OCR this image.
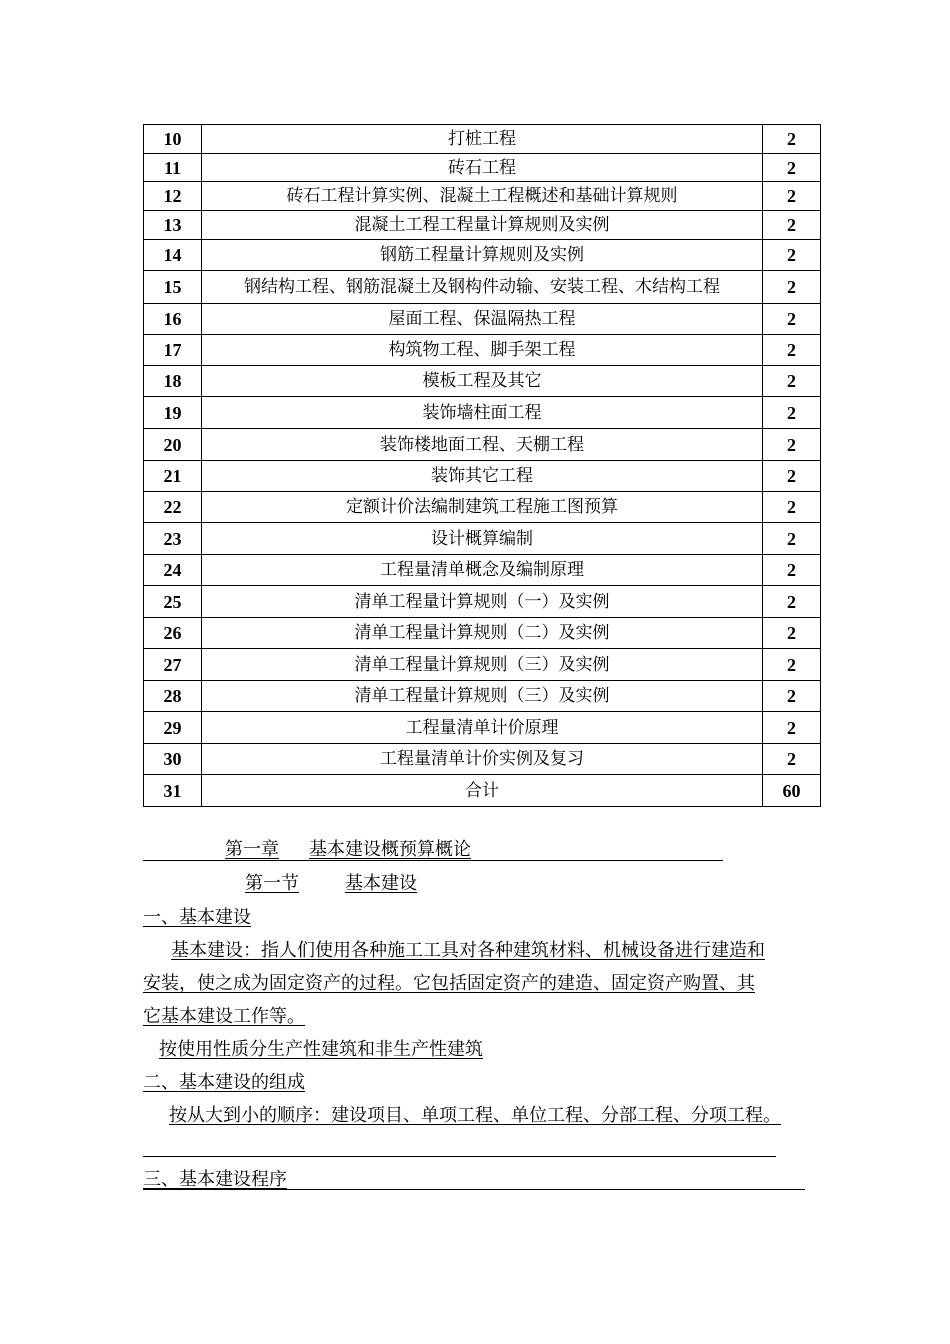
10	打桩工程	2
11	砖石工程	2
12	砖石工程计算实例、混凝土工程概述和基础计算规则	2
13	混凝土工程工程量计算规则及实例	2
14	钢筋工程量计算规则及实例	2
15	钢结构工程、钢筋混凝土及钢构件动输、安装工程、木结构工程	2
16	屋面工程、保温隔热工程	2
17	构筑物工程、脚手架工程	2
18	模板工程及其它	2
19	装饰墙柱面工程	2
20	装饰楼地面工程、天棚工程	2
21	装饰其它工程	2
22	定额计价法编制建筑工程施工图预算	2
23	设计概算编制	2
24	工程量清单概念及编制原理	2
25	清单工程量计算规则（一）及实例	2
26	清单工程量计算规则（二）及实例	2
27	清单工程量计算规则（三）及实例	2
28	清单工程量计算规则（三）及实例	2
29	工程量清单计价原理	2
30	工程量清单计价实例及复习	2
31	合计	60
第一章 基本建设概预算概论
第一节	基本建设
一、基本建设
基本建设：指人们使用各种施工工具对各种建筑材料、机械设备进行建造和
安装，使之成为固定资产的过程。它包括固定资产的建造、固定资产购置、其
它基本建设工作等。
按使用性质分生产性建筑和非生产性建筑
二、基本建设的组成
按从大到小的顺序：建设项目、单项工程、单位工程、分部工程、分项工程。
三、基本建设程序
